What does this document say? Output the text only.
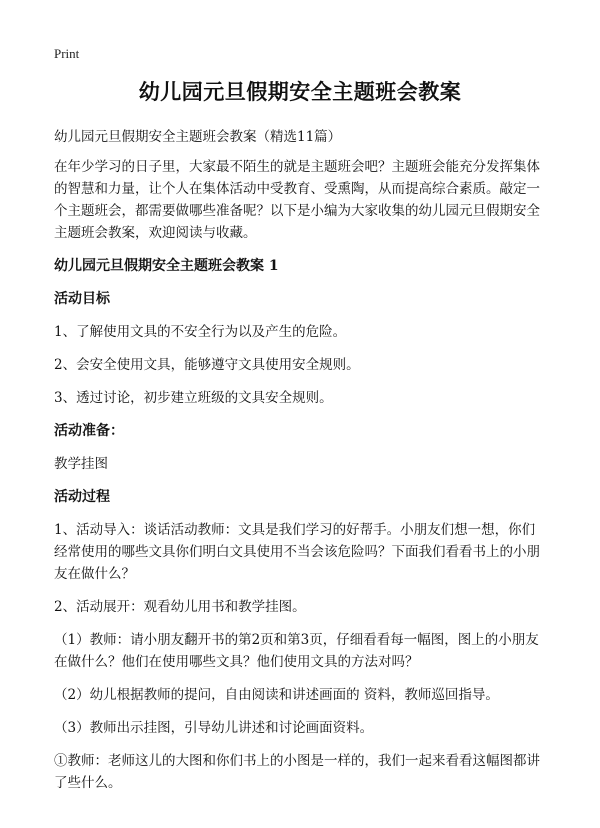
Print
幼儿园元旦假期安全主题班会教案
幼儿园元旦假期安全主题班会教案（精选11篇）
在年少学习的日子里，大家最不陌生的就是主题班会吧？主题班会能充分发挥集体的智慧和力量，让个人在集体活动中受教育、受熏陶，从而提高综合素质。敲定一个主题班会，都需要做哪些准备呢？以下是小编为大家收集的幼儿园元旦假期安全主题班会教案，欢迎阅读与收藏。
幼儿园元旦假期安全主题班会教案 1
活动目标
1、了解使用文具的不安全行为以及产生的危险。
2、会安全使用文具，能够遵守文具使用安全规则。
3、透过讨论，初步建立班级的文具安全规则。
活动准备：
教学挂图
活动过程
1、活动导入：谈话活动教师：文具是我们学习的好帮手。小朋友们想一想，你们经常使用的哪些文具你们明白文具使用不当会该危险吗？下面我们看看书上的小朋友在做什么？
2、活动展开：观看幼儿用书和教学挂图。
（1）教师：请小朋友翻开书的第2页和第3页，仔细看看每一幅图，图上的小朋友在做什么？他们在使用哪些文具？他们使用文具的方法对吗？
（2）幼儿根据教师的提问，自由阅读和讲述画面的 资料，教师巡回指导。
（3）教师出示挂图，引导幼儿讲述和讨论画面资料。
①教师：老师这儿的大图和你们书上的小图是一样的，我们一起来看看这幅图都讲了些什么。
